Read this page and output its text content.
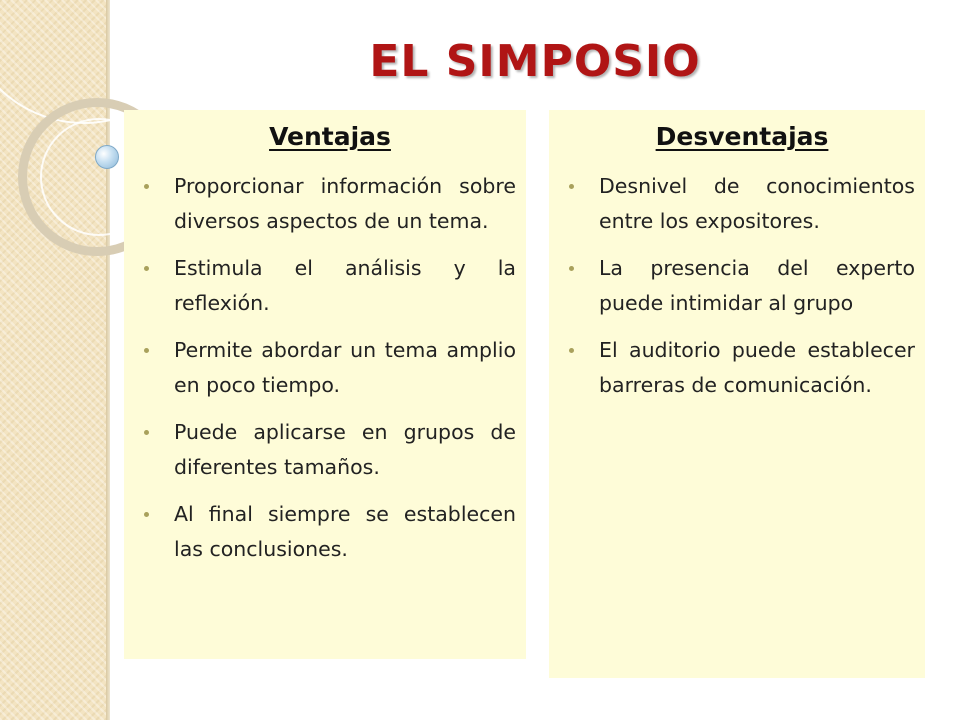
EL SIMPOSIO
Ventajas
Proporcionar información sobre diversos aspectos de un tema.
Estimula el análisis y la reflexión.
Permite abordar un tema amplio en poco tiempo.
Puede aplicarse en grupos de diferentes tamaños.
Al final siempre se establecen las conclusiones.
Desventajas
Desnivel de conocimientos entre los expositores.
La presencia del experto puede intimidar al grupo
El auditorio puede establecer barreras de comunicación.
